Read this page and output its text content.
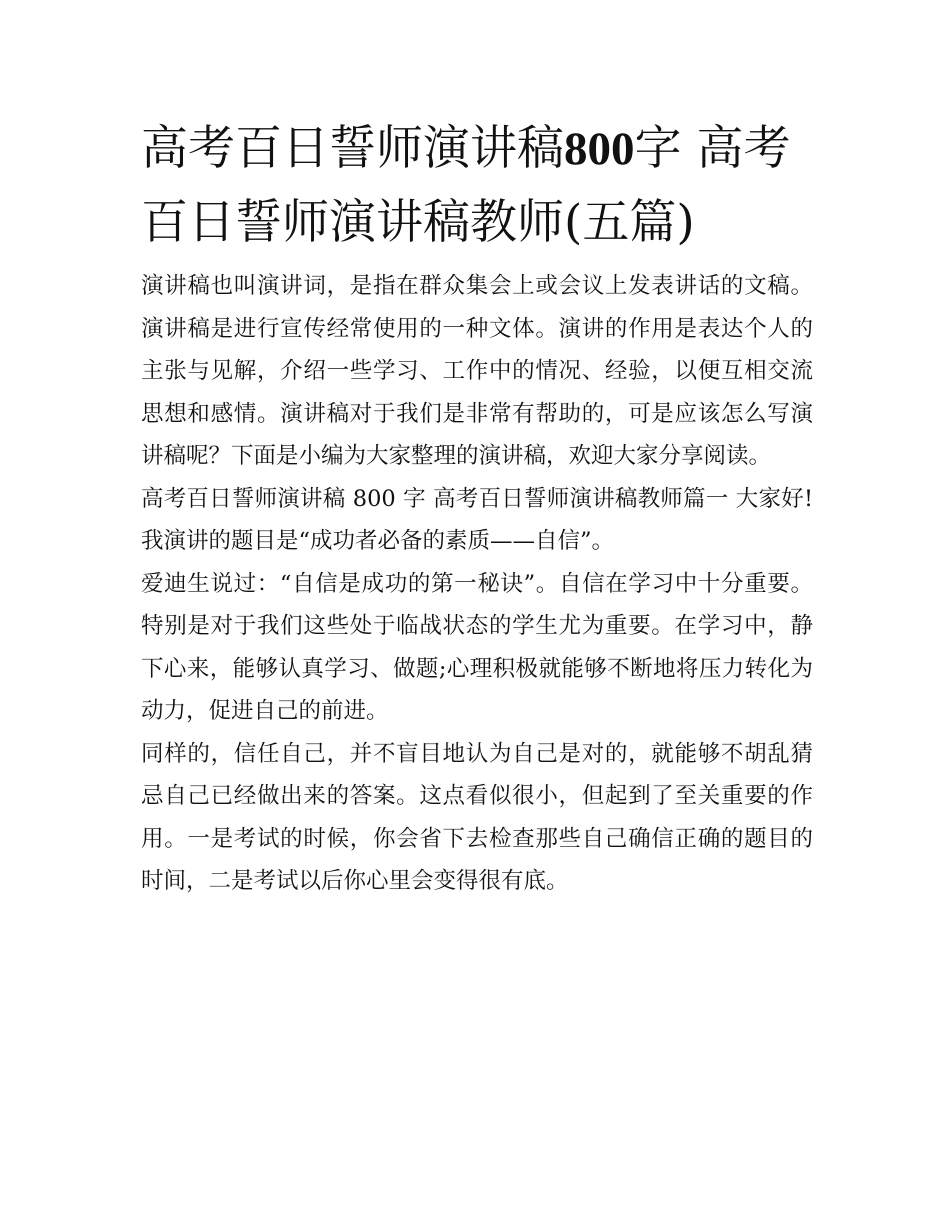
高考百日誓师演讲稿800字 高考百日誓师演讲稿教师(五篇)

演讲稿也叫演讲词，是指在群众集会上或会议上发表讲话的文稿。演讲稿是进行宣传经常使用的一种文体。演讲的作用是表达个人的主张与见解，介绍一些学习、工作中的情况、经验，以便互相交流思想和感情。演讲稿对于我们是非常有帮助的，可是应该怎么写演讲稿呢？下面是小编为大家整理的演讲稿，欢迎大家分享阅读。

高考百日誓师演讲稿 800 字 高考百日誓师演讲稿教师篇一 大家好! 我演讲的题目是“成功者必备的素质——自信”。

爱迪生说过：“自信是成功的第一秘诀”。自信在学习中十分重要。特别是对于我们这些处于临战状态的学生尤为重要。在学习中，静下心来，能够认真学习、做题;心理积极就能够不断地将压力转化为动力，促进自己的前进。

同样的，信任自己，并不盲目地认为自己是对的，就能够不胡乱猜忌自己已经做出来的答案。这点看似很小，但起到了至关重要的作用。一是考试的时候，你会省下去检查那些自己确信正确的题目的时间，二是考试以后你心里会变得很有底。
